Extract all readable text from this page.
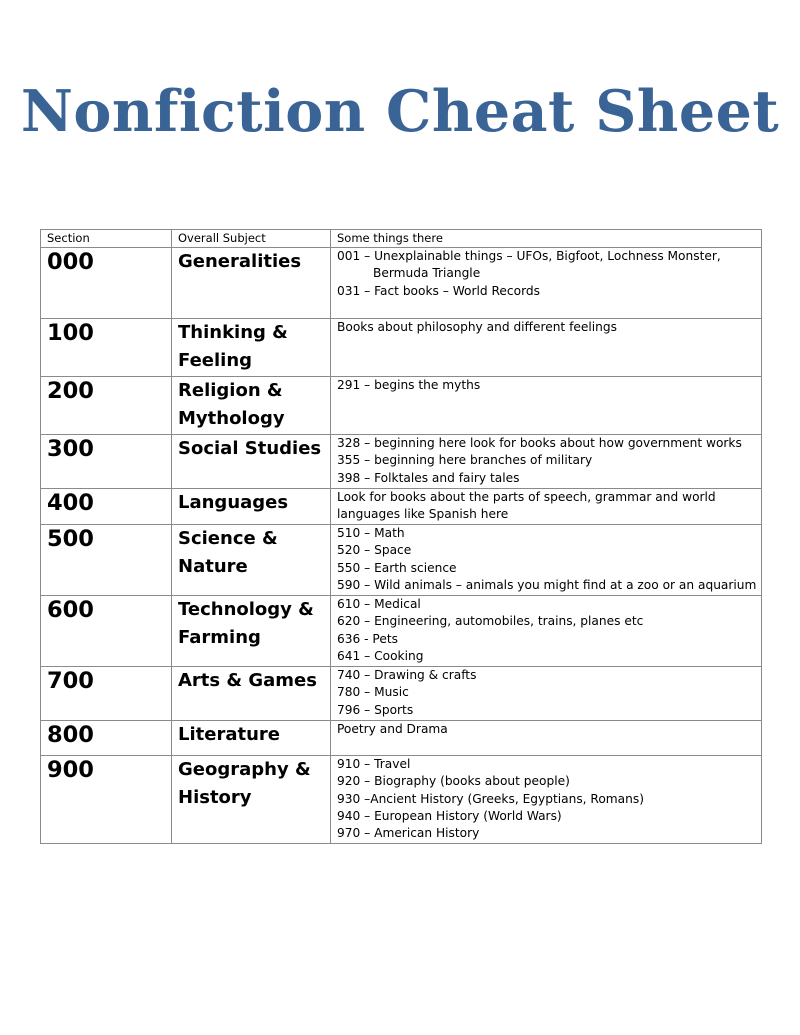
Nonfiction Cheat Sheet
Section	Overall Subject	Some things there
000	Generalities	001 – Unexplainable things – UFOs, Bigfoot, Lochness Monster,
Bermuda Triangle
031 – Fact books – World Records

100	Thinking & Feeling	Books about philosophy and different feelings

200	Religion & Mythology	291 – begins the myths

300	Social Studies	328 – beginning here look for books about how government works
355 – beginning here branches of military
398 – Folktales and fairy tales

400	Languages	Look for books about the parts of speech, grammar and world
languages like Spanish here

500	Science & Nature	510 – Math
520 – Space
550 – Earth science
590 – Wild animals – animals you might find at a zoo or an aquarium

600	Technology & Farming	610 – Medical
620 – Engineering, automobiles, trains, planes etc
636 - Pets
641 – Cooking

700	Arts & Games	740 – Drawing & crafts
780 – Music
796 – Sports

800	Literature	Poetry and Drama

900	Geography & History	910 – Travel
920 – Biography (books about people)
930 –Ancient History (Greeks, Egyptians, Romans)
940 – European History (World Wars)
970 – American History
